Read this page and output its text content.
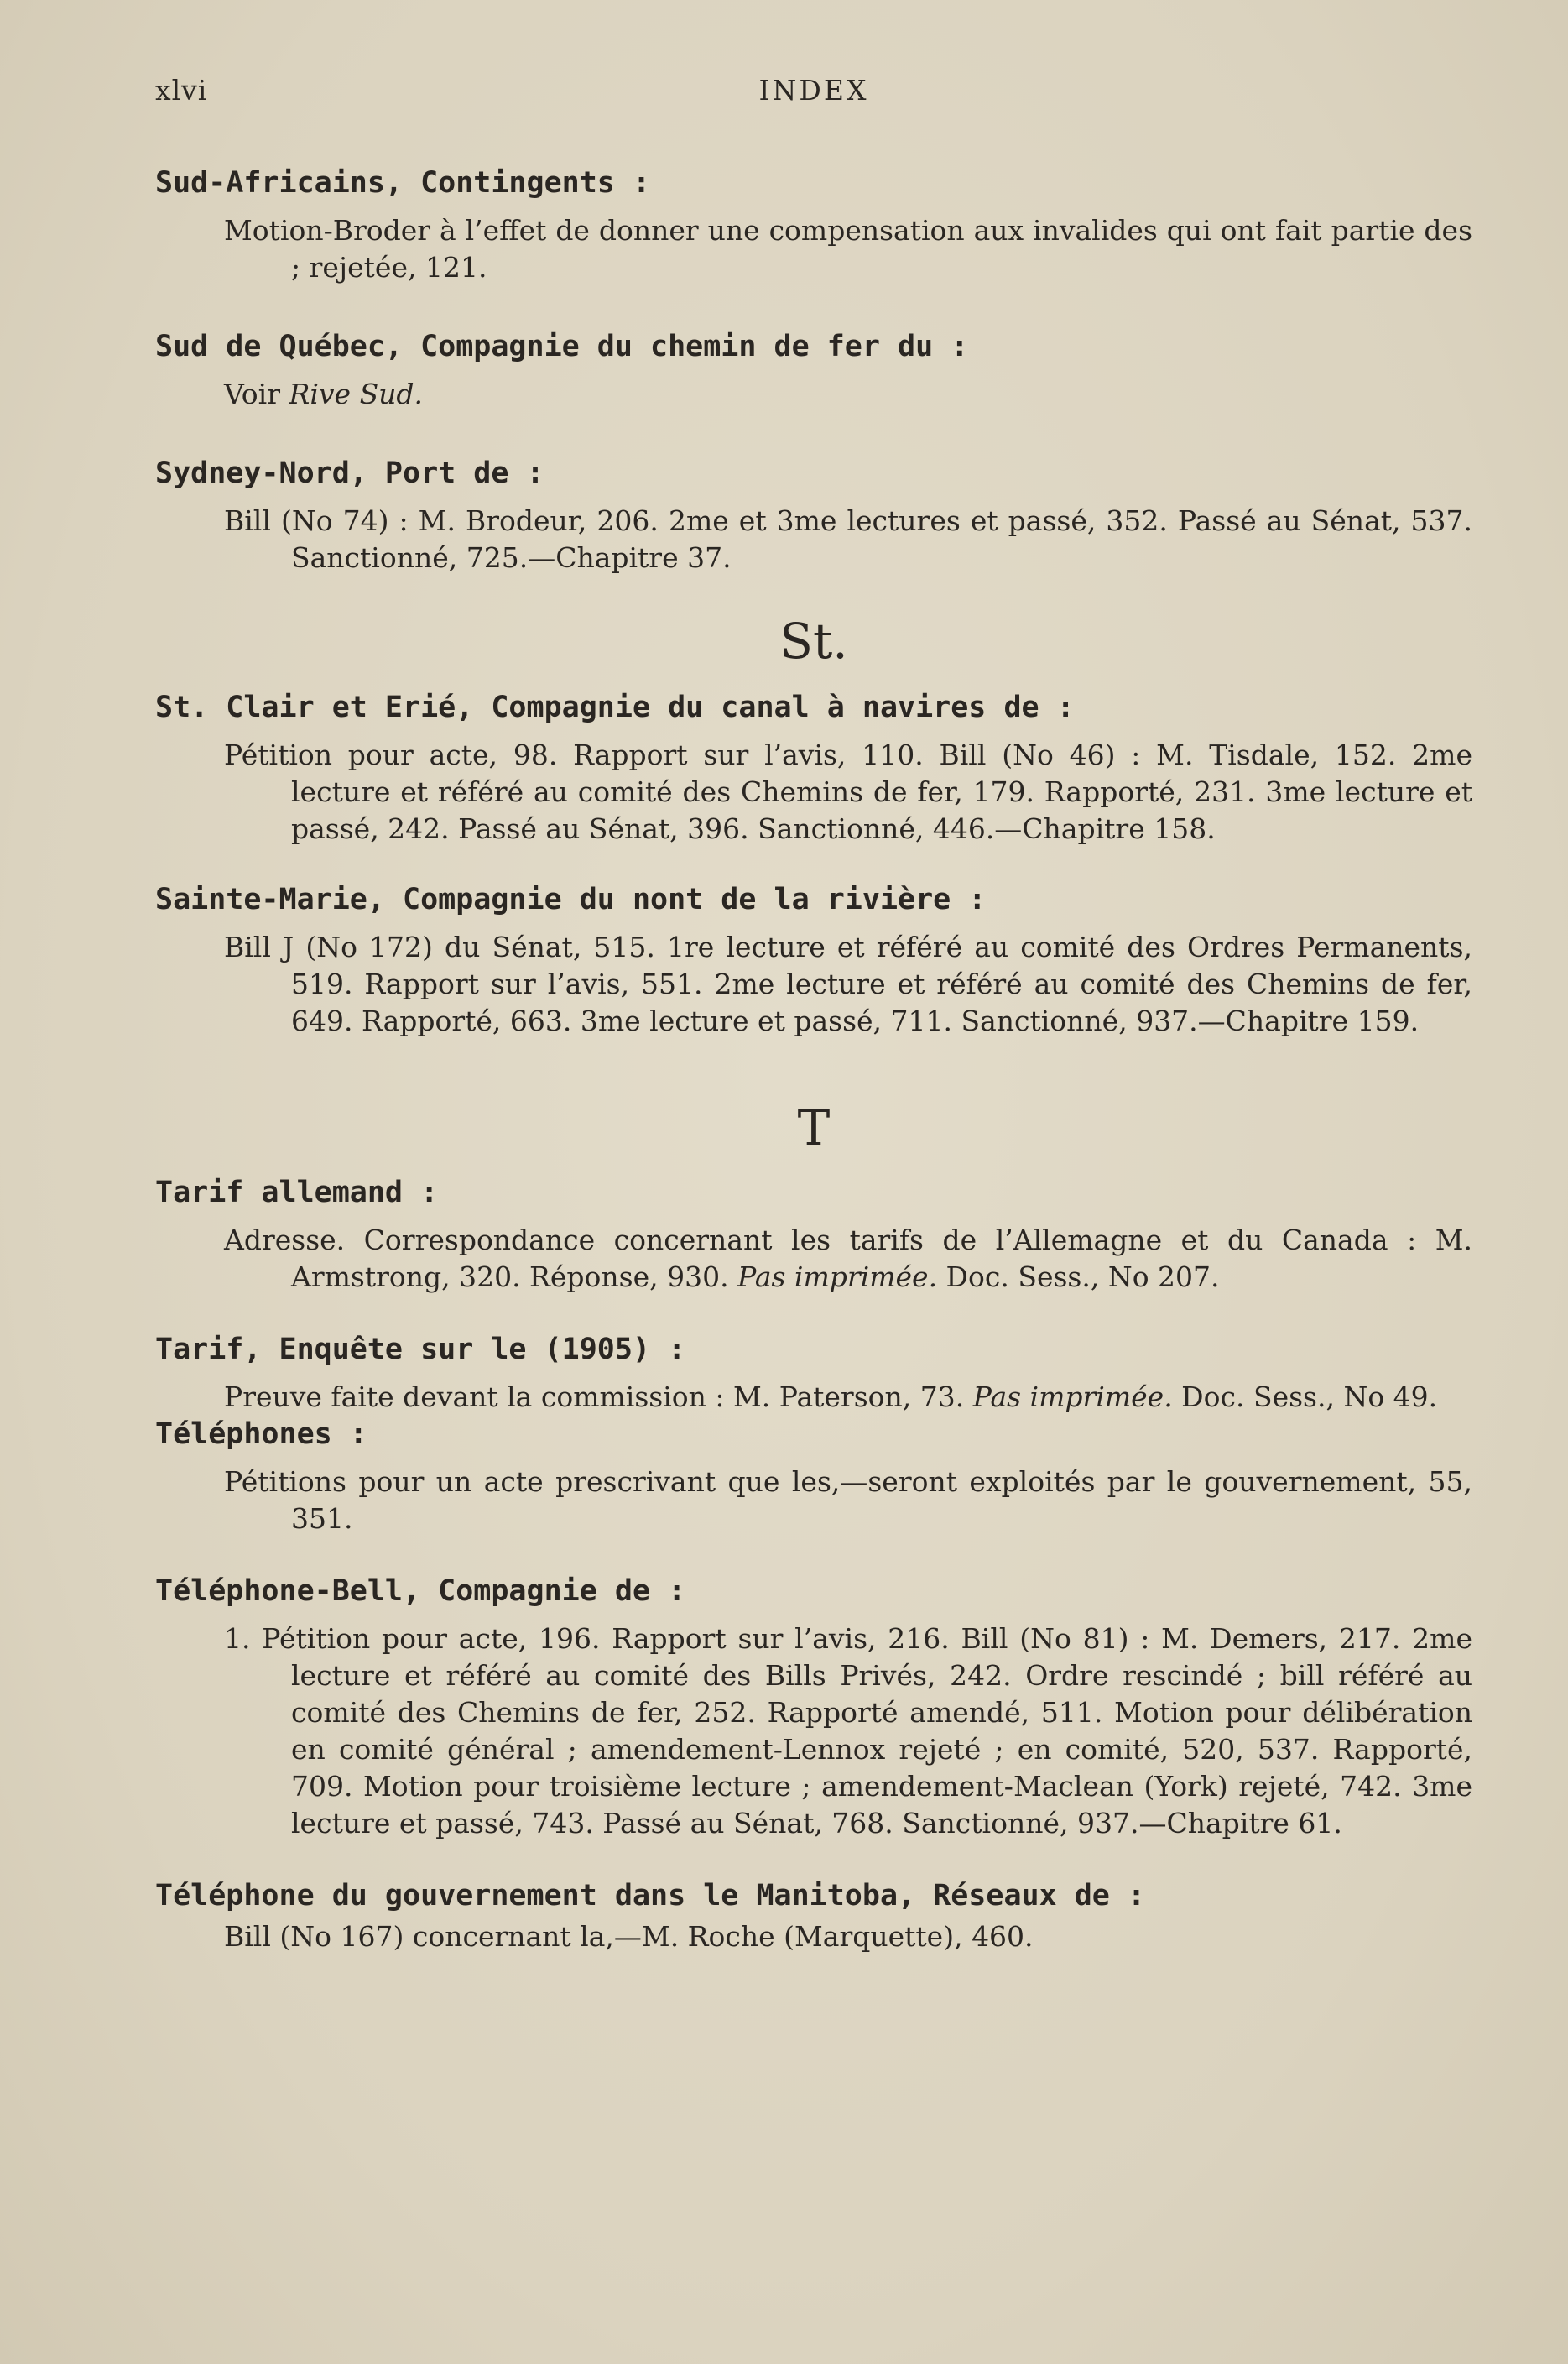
xlvi	INDEX
Sud-Africains, Contingents :

Motion-Broder à l’effet de donner une compensation aux invalides qui ont fait partie des ; rejetée, 121.

Sud de Québec, Compagnie du chemin de fer du :

Voir Rive Sud.

Sydney-Nord, Port de :

Bill (No 74) : M. Brodeur, 206. 2me et 3me lectures et passé, 352. Passé au Sénat, 537. Sanctionné, 725.—Chapitre 37.

St.
St. Clair et Erié, Compagnie du canal à navires de :

Pétition pour acte, 98. Rapport sur l’avis, 110. Bill (No 46) : M. Tisdale, 152. 2me lecture et référé au comité des Chemins de fer, 179. Rapporté, 231. 3me lecture et passé, 242. Passé au Sénat, 396. Sanctionné, 446.—Chapitre 158.

Sainte-Marie, Compagnie du nont de la rivière :

Bill J (No 172) du Sénat, 515. 1re lecture et référé au comité des Ordres Permanents, 519. Rapport sur l’avis, 551. 2me lecture et référé au comité des Chemins de fer, 649. Rapporté, 663. 3me lecture et passé, 711. Sanctionné, 937.—Chapitre 159.

T
Tarif allemand :

Adresse. Correspondance concernant les tarifs de l’Allemagne et du Canada : M. Armstrong, 320. Réponse, 930. Pas imprimée. Doc. Sess., No 207.

Tarif, Enquête sur le (1905) :

Preuve faite devant la commission : M. Paterson, 73. Pas imprimée. Doc. Sess., No 49.

Téléphones :

Pétitions pour un acte prescrivant que les,—seront exploités par le gouvernement, 55, 351.

Téléphone-Bell, Compagnie de :

1. Pétition pour acte, 196. Rapport sur l’avis, 216. Bill (No 81) : M. Demers, 217. 2me lecture et référé au comité des Bills Privés, 242. Ordre rescindé ; bill référé au comité des Chemins de fer, 252. Rapporté amendé, 511. Motion pour délibération en comité général ; amendement-Lennox rejeté ; en comité, 520, 537. Rapporté, 709. Motion pour troisième lecture ; amendement-Maclean (York) rejeté, 742. 3me lecture et passé, 743. Passé au Sénat, 768. Sanctionné, 937.—Chapitre 61.

Téléphone du gouvernement dans le Manitoba, Réseaux de :

Bill (No 167) concernant la,—M. Roche (Marquette), 460.
